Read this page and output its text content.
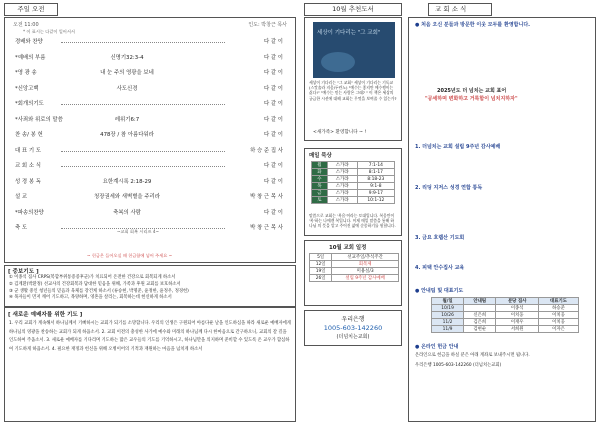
주일 오전
오전 11:00	인도: 박창근 목사
* 이 표시는 다같이 일어서서
경배와 찬양	다 같 이
*예배의 부름	신명기32:3-4	다 같 이
*영 광 송	내 눈 주의 영광을 보네	다 같 이
*신앙고백	사도신경	다 같 이
*회개의기도	다 같 이
*사죄와 위로의 말씀	레위기6:7	다 같 이
찬 송/ 봉 헌	478장 / 참 아름다워라	다 같 이
대 표 기 도	하 승 준 집 사
교 회 소 식	다 같 이
성 경 봉 독	요한계시록 2:18-29	다 같 이
설 교	청장권세와 새벽별을 주리라	박 창 근 목 사
*파송의찬양	축복의 사람	다 같 이
축 도	박 창 근 목 사
~교회 회복 시리즈 4~
~ 헌금은 들어오실 때 헌금함에 넣어 주세요 ~
[ 중보기도 ]
① 이종석 집사 CRPS(복합부위통증증후군)가 치료되어 온전한 건강으로 회복되게 하소서
② 김계환(박환정) 선교사의 건강회복과 담대한 믿음을 위해, 가족과 후원 교회를 보호하소서
③ 군 생활 중인 청년들의 믿음과 육체를 강건케 하소서 (류승현, 박명준, 윤정한, 윤정우, 정경헌)
④ 목자들이 먼저 깨어 기도하고, 목양하며, 영혼을 살리는, 회복하는데 헌신하게 하소서
[ 새로운 예배자를 위한 기도 ]
1. 우리 교회가 계속해서 하나님께서 기뻐하시는 교회가 되기를 소망합니다. 우리의 인생은 구원되어 아름다운 날을 인도하심을 따라 새로운 예배자에게 하나님의 영광을 찬송하는 교회가 되게 하옵소서. 2. 교회 이전의 충성한 사가에 예수와 미래의 하나님께 다시 한마음으로 간구하오니, 교회의 갈 길을 인도하여 주옵소서. 3. 새로운 예배자를 기다리며 기도하는 많은 교우들의 기도를 기억하시고, 하나님만을 의지하며 준비할 수 있도록 온 교우가 합심하여 기도하게 하옵소서. 4. 필요한 재정과 헌신을 위해 오병이어의 기적과 재원하는 마음을 넘치게 하소서
10월 추천도서	교 회 소 식
세상이 기다리는 "그 교회"
세상이 기다리는 "그 교회" 세상이 기다리는 기독교 (스캇솔라 지음/두란노) "예수는 좋지만 예수쟁이는 싫다!" "예수는 믿는 사람은 그래? " 이 책은 세상의 궁금한 시선에 대해 교회는 무엇을 보여줄 수 있는가?
<새가족> 환영합니다 ~ !
매일 묵상
월	스가랴	7:1-14
화	스가랴	8:1-17
수	스가랴	8:18-23
목	스가랴	9:1-8
금	스가랴	9:9-17
토	스가랴	10:1-12
말씀으로 교회는 '복음'이라는 토대입니다. 복음만이 '복'하는 나에겐 복입니다. 이제 매일 말씀을 통해 하나님 의 뜻을 알고 주어진 삶에 순종하기를 원합니다.
10월 교회 일정
5일	선교주일/추석주간
12일	회복제
19일	미용실/3
26일	설립 9주년 감사예배
우리은행
1005-603-142260
(더넘치는교회)
● 처음 오신 분들과 방문한 이웃 모두를 환영합니다.
2025년도 더 넘치는 교회 표어
"공세하며 변화하고 거룩함이 넘치지하자"
1. 더넘치는 교회 설립 9주년 감사예배
2. 리딩 지저스 성경 연합 통독
3. 금요 호렙산 기도회
4. 피택 안수집사 교육
● 안내팀 및 대표기도
월/일	안내팀	분당 집사	대표기도
10/19		이종석	하승준
10/26	신은희	이치웅	이치웅
11/2	김은희	이재우	이치웅
11/9	김현순	서희원	이자은
● 온라인 헌금 안내
온라인으로 헌금을 하실 분은 아래 계좌로 보내주시면 됩니다.
우리은행 1005-603-142260 (더넘치는교회)
